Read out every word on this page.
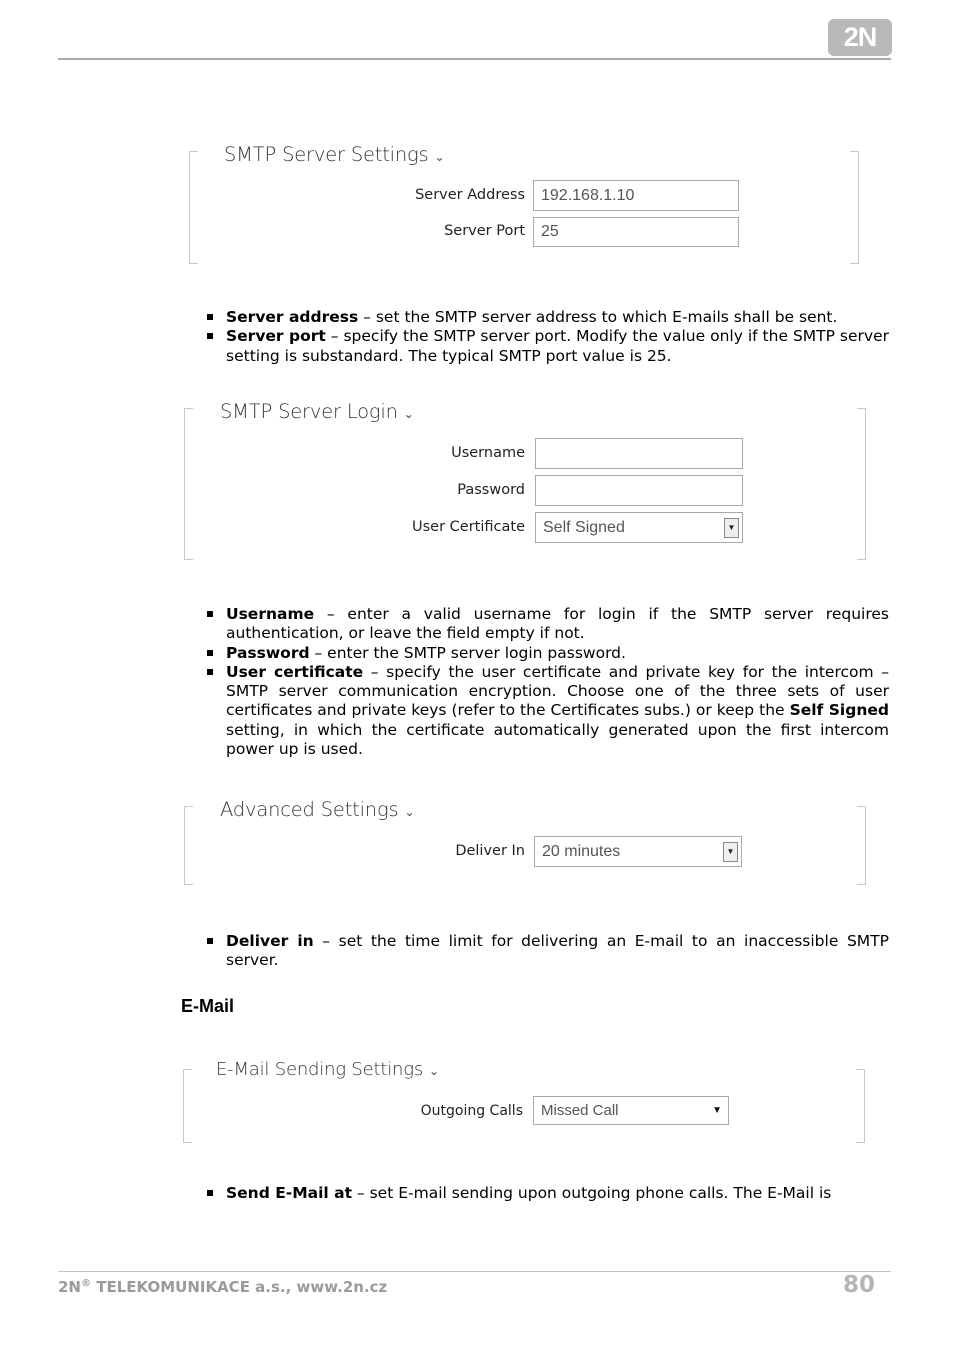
2N
SMTP Server Settings ⌄
Server Address 192.168.1.10
Server Port 25
Server address – set the SMTP server address to which E-mails shall be sent.
Server port – specify the SMTP server port. Modify the value only if the SMTP server setting is substandard. The typical SMTP port value is 25.
SMTP Server Login ⌄
Username
Password
User Certificate Self Signed	▼
Username – enter a valid username for login if the SMTP server requires authentication, or leave the field empty if not.
Password – enter the SMTP server login password.
User certificate – specify the user certificate and private key for the intercom – SMTP server communication encryption. Choose one of the three sets of user certificates and private keys (refer to the Certificates subs.) or keep the Self Signed setting, in which the certificate automatically generated upon the first intercom power up is used.
Advanced Settings ⌄
Deliver In 20 minutes	▼
Deliver in – set the time limit for delivering an E-mail to an inaccessible SMTP server.
E-Mail
E-Mail Sending Settings ⌄
Outgoing Calls Missed Call	▼
Send E-Mail at – set E-mail sending upon outgoing phone calls. The E-Mail is
2N® TELEKOMUNIKACE a.s., www.2n.cz	80
